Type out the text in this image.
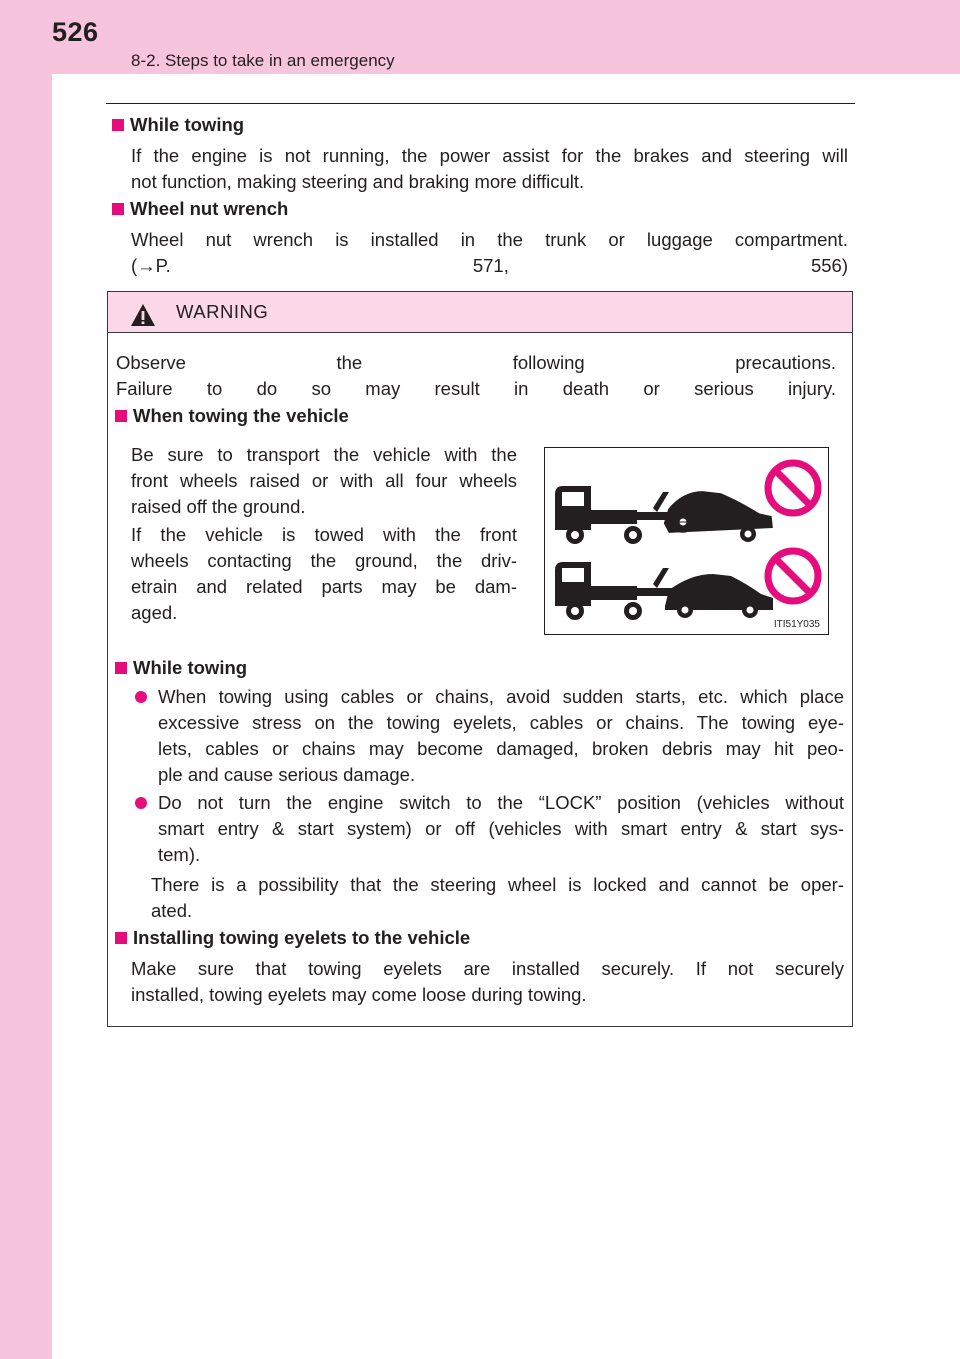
526
8-2. Steps to take in an emergency
While towing
If the engine is not running, the power assist for the brakes and steering will
not function, making steering and braking more difficult.
Wheel nut wrench
Wheel nut wrench is installed in the trunk or luggage compartment.
(→P. 571, 556)
WARNING
Observe the following precautions.
Failure to do so may result in death or serious injury.
When towing the vehicle
Be sure to transport the vehicle with the
front wheels raised or with all four wheels
raised off the ground.
If the vehicle is towed with the front
wheels contacting the ground, the driv-
etrain and related parts may be dam-
aged.
ITI51Y035
While towing
When towing using cables or chains, avoid sudden starts, etc. which place
excessive stress on the towing eyelets, cables or chains. The towing eye-
lets, cables or chains may become damaged, broken debris may hit peo-
ple and cause serious damage.
Do not turn the engine switch to the “LOCK” position (vehicles without
smart entry & start system) or off (vehicles with smart entry & start sys-
tem).
There is a possibility that the steering wheel is locked and cannot be oper-
ated.
Installing towing eyelets to the vehicle
Make sure that towing eyelets are installed securely. If not securely
installed, towing eyelets may come loose during towing.
